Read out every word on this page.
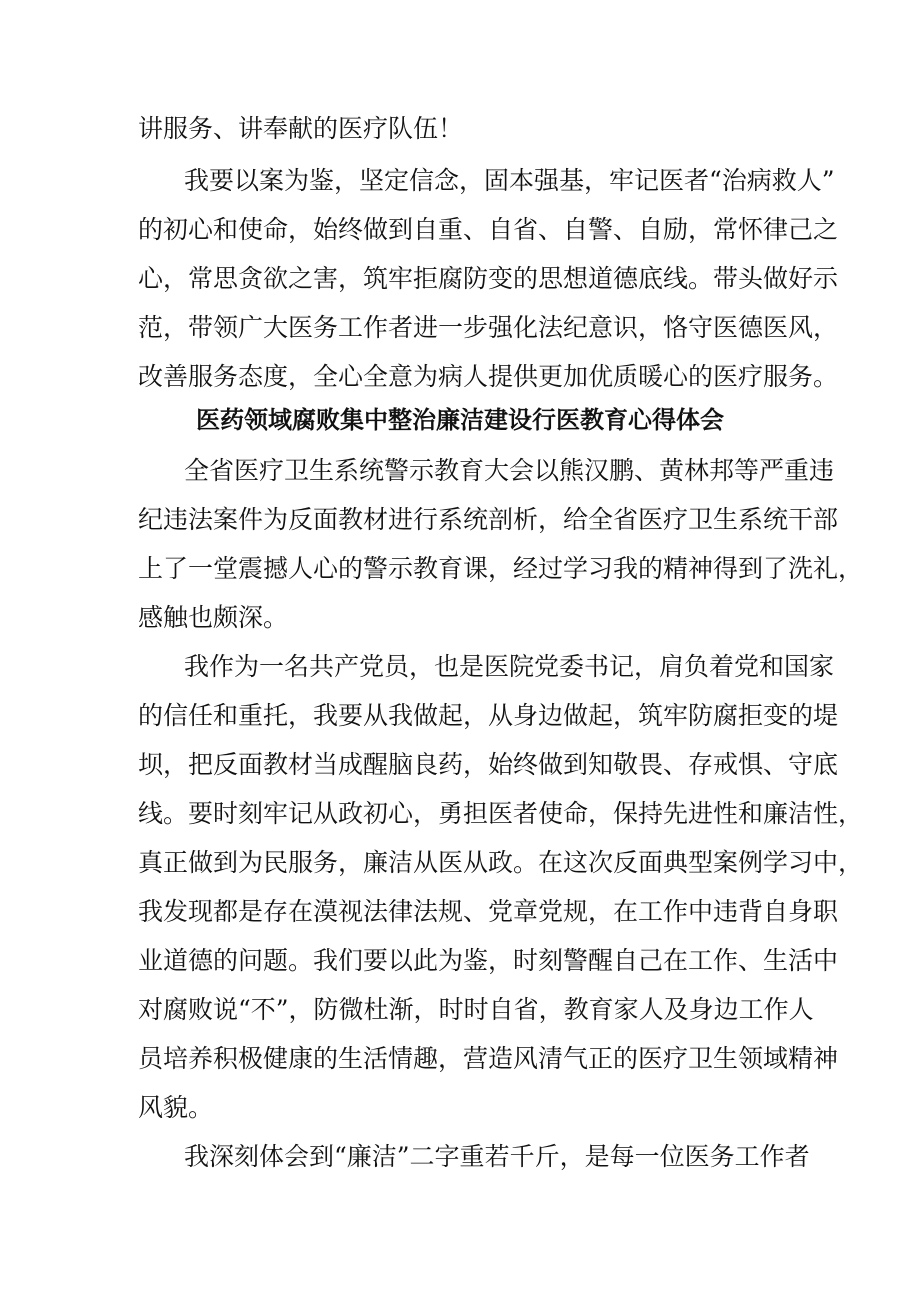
讲服务、讲奉献的医疗队伍！
我要以案为鉴，坚定信念，固本强基，牢记医者“治病救人”
的初心和使命，始终做到自重、自省、自警、自励，常怀律己之
心，常思贪欲之害，筑牢拒腐防变的思想道德底线。带头做好示
范，带领广大医务工作者进一步强化法纪意识，恪守医德医风，
改善服务态度，全心全意为病人提供更加优质暖心的医疗服务。
医药领域腐败集中整治廉洁建设行医教育心得体会
全省医疗卫生系统警示教育大会以熊汉鹏、黄林邦等严重违
纪违法案件为反面教材进行系统剖析，给全省医疗卫生系统干部
上了一堂震撼人心的警示教育课，经过学习我的精神得到了洗礼，
感触也颇深。
我作为一名共产党员，也是医院党委书记，肩负着党和国家
的信任和重托，我要从我做起，从身边做起，筑牢防腐拒变的堤
坝，把反面教材当成醒脑良药，始终做到知敬畏、存戒惧、守底
线。要时刻牢记从政初心，勇担医者使命，保持先进性和廉洁性，
真正做到为民服务，廉洁从医从政。在这次反面典型案例学习中，
我发现都是存在漠视法律法规、党章党规，在工作中违背自身职
业道德的问题。我们要以此为鉴，时刻警醒自己在工作、生活中
对腐败说“不”，防微杜渐，时时自省，教育家人及身边工作人
员培养积极健康的生活情趣，营造风清气正的医疗卫生领域精神
风貌。
我深刻体会到“廉洁”二字重若千斤，是每一位医务工作者
